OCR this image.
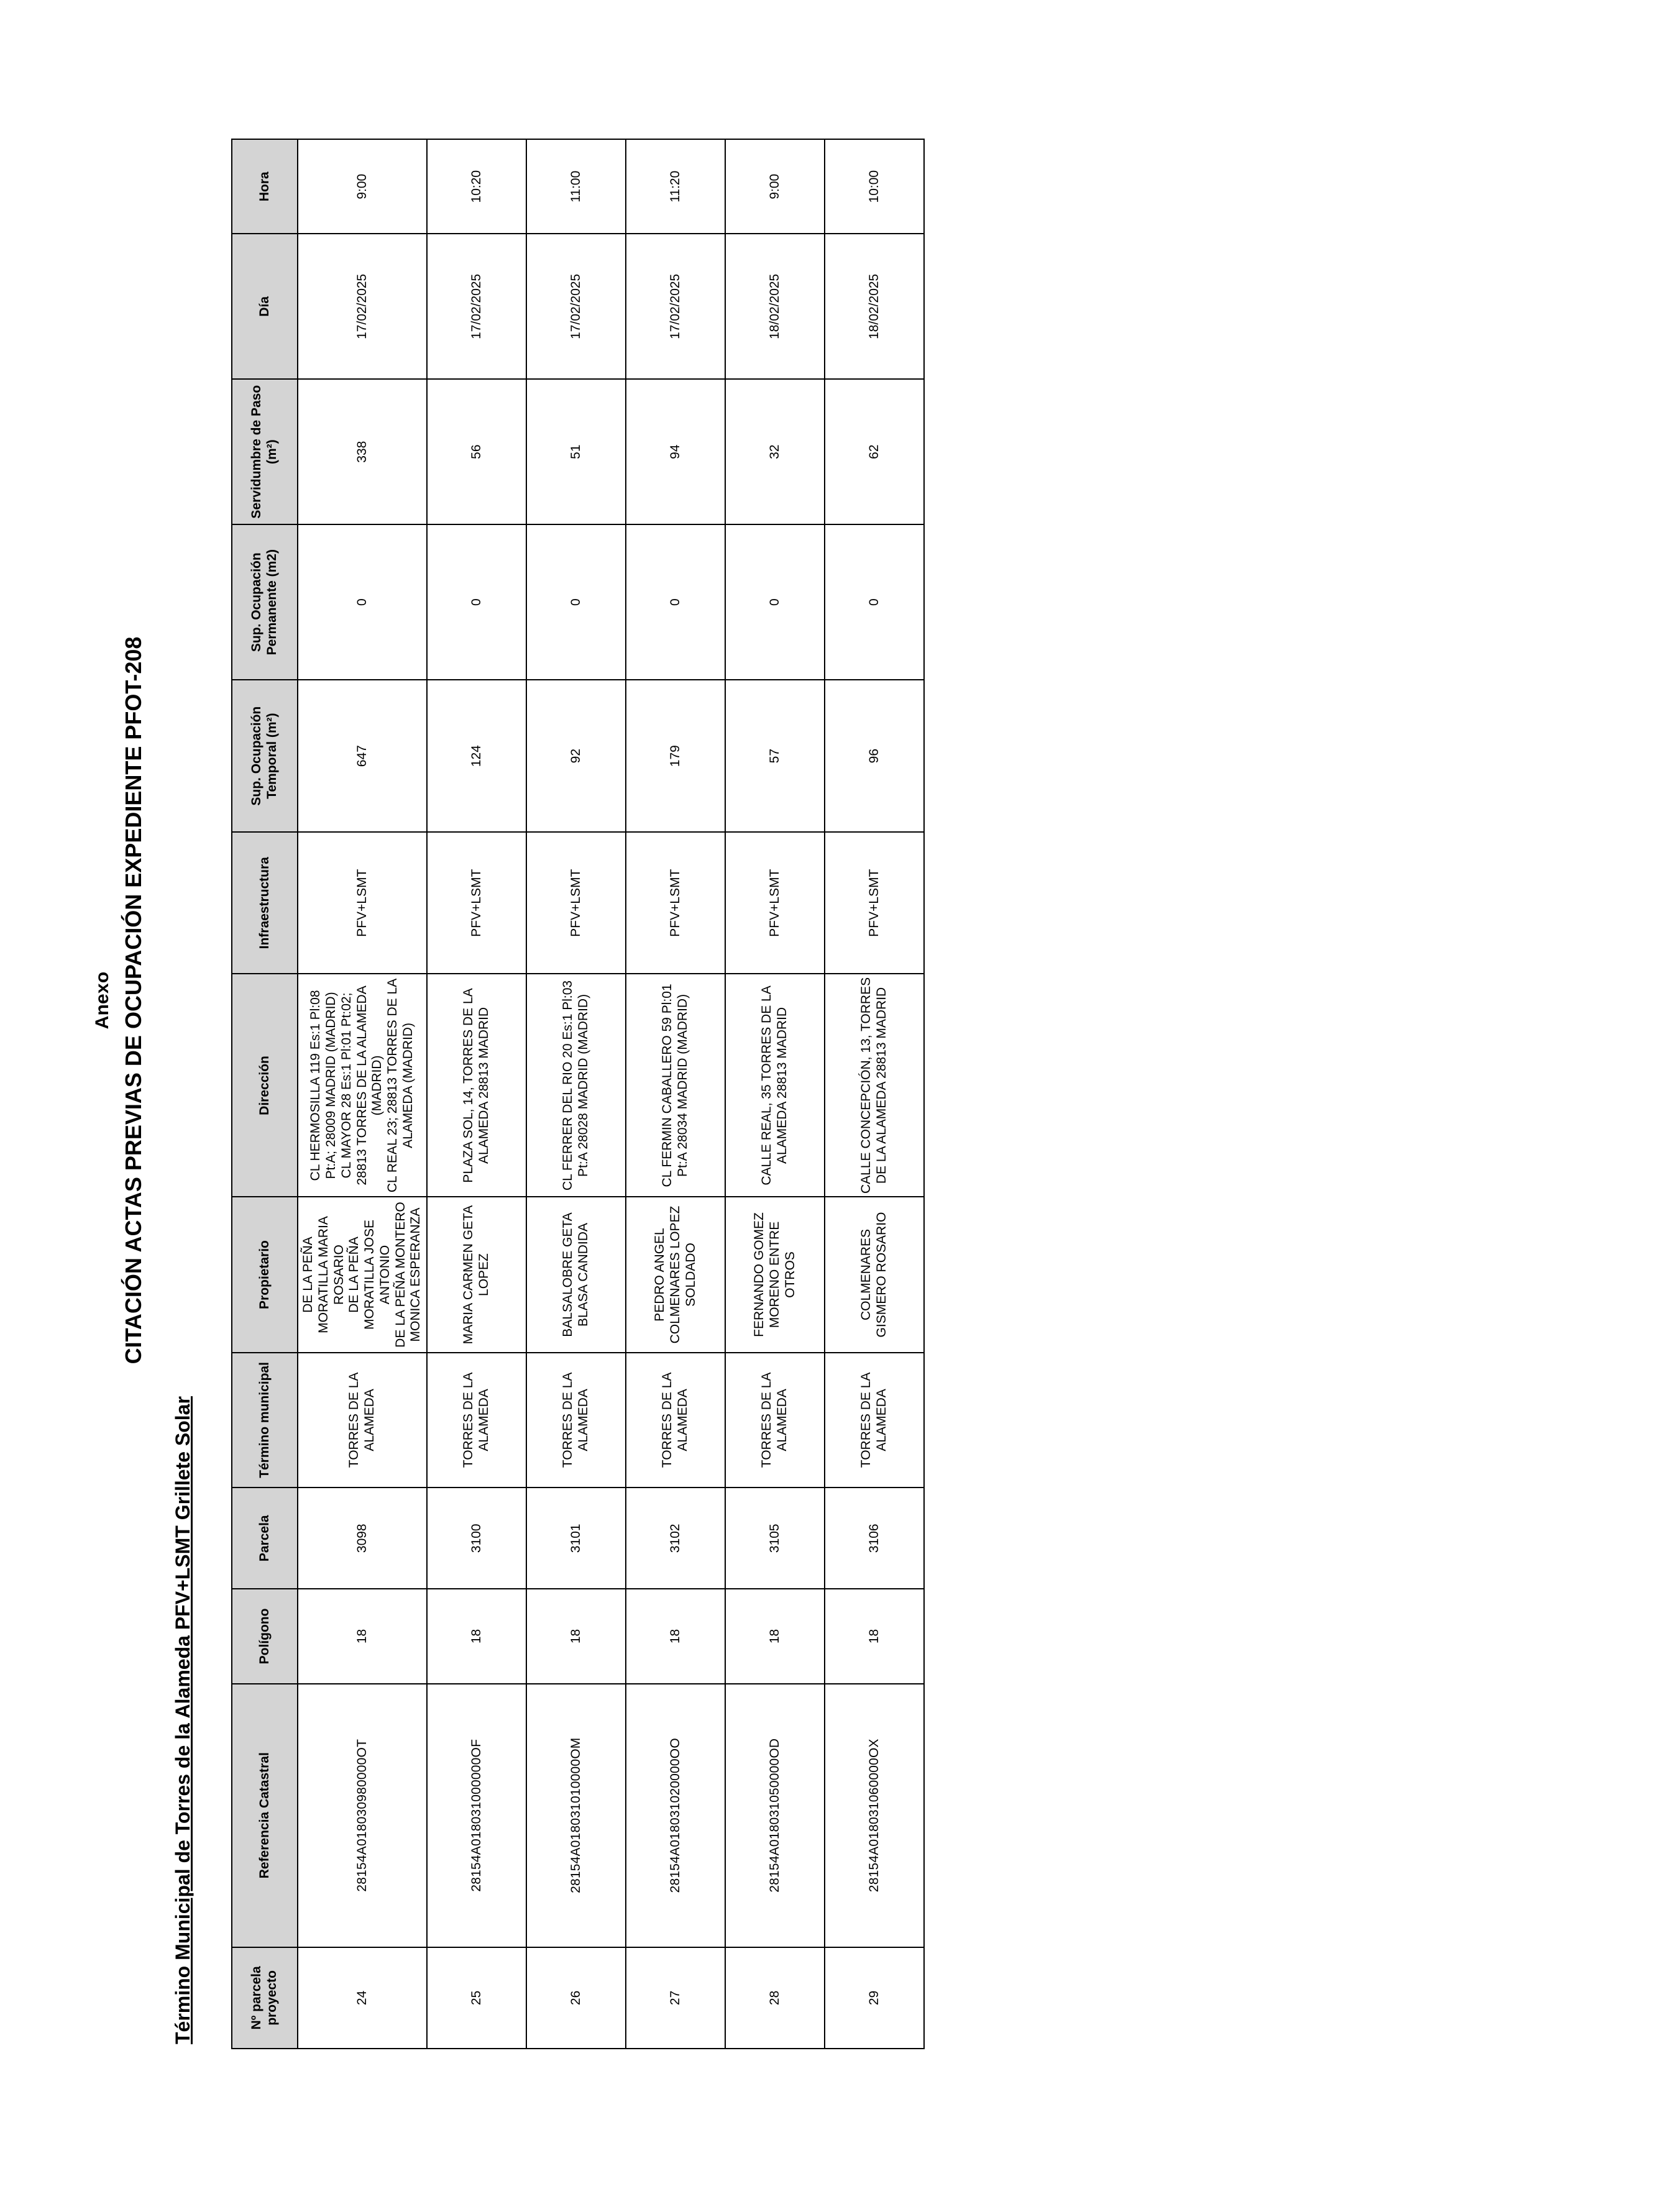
Anexo CITACIÓN ACTAS PREVIAS DE OCUPACIÓN EXPEDIENTE PFOT-208
Término Municipal de Torres de la Alameda PFV+LSMT Grillete Solar	Nº parcela proyecto	Referencia Catastral	Polígono	Parcela	Término municipal	Propietario	Dirección	Infraestructura	Sup. Ocupación Temporal (m²)	Sup. Ocupación Permanente (m2)	Servidumbre de Paso (m²)	Día	Hora
24	28154A018030980000OT	18	3098	TORRES DE LA ALAMEDA	DE LA PEÑA MORATILLA MARIA ROSARIO DE LA PEÑA MORATILLA JOSE ANTONIO DE LA PEÑA MONTERO MONICA ESPERANZA	CL HERMOSILLA 119 Es:1 Pl:08 Pt:A; 28009 MADRID (MADRID) CL MAYOR 28 Es:1 Pl:01 Pt:02; 28813 TORRES DE LA ALAMEDA (MADRID) CL REAL 23; 28813 TORRES DE LA ALAMEDA (MADRID)	PFV+LSMT	647	0	338	17/02/2025	9:00
25	28154A018031000000OF	18	3100	TORRES DE LA ALAMEDA	MARIA CARMEN GETA LOPEZ	PLAZA SOL, 14, TORRES DE LA ALAMEDA 28813 MADRID	PFV+LSMT	124	0	56	17/02/2025	10:20
26	28154A018031010000OM	18	3101	TORRES DE LA ALAMEDA	BALSALOBRE GETA BLASA CANDIDA	CL FERRER DEL RIO 20 Es:1 Pl:03 Pt:A 28028 MADRID (MADRID)	PFV+LSMT	92	0	51	17/02/2025	11:00
27	28154A018031020000OO	18	3102	TORRES DE LA ALAMEDA	PEDRO ANGEL COLMENARES LOPEZ SOLDADO	CL FERMIN CABALLERO 59 Pl:01 Pt:A 28034 MADRID (MADRID)	PFV+LSMT	179	0	94	17/02/2025	11:20
28	28154A018031050000OD	18	3105	TORRES DE LA ALAMEDA	FERNANDO GOMEZ MORENO ENTRE OTROS	CALLE REAL, 35 TORRES DE LA ALAMEDA 28813 MADRID	PFV+LSMT	57	0	32	18/02/2025	9:00
29	28154A018031060000OX	18	3106	TORRES DE LA ALAMEDA	COLMENARES GISMERO ROSARIO	CALLE CONCEPCIÓN, 13, TORRES DE LA ALAMEDA 28813 MADRID	PFV+LSMT	96	0	62	18/02/2025	10:00
